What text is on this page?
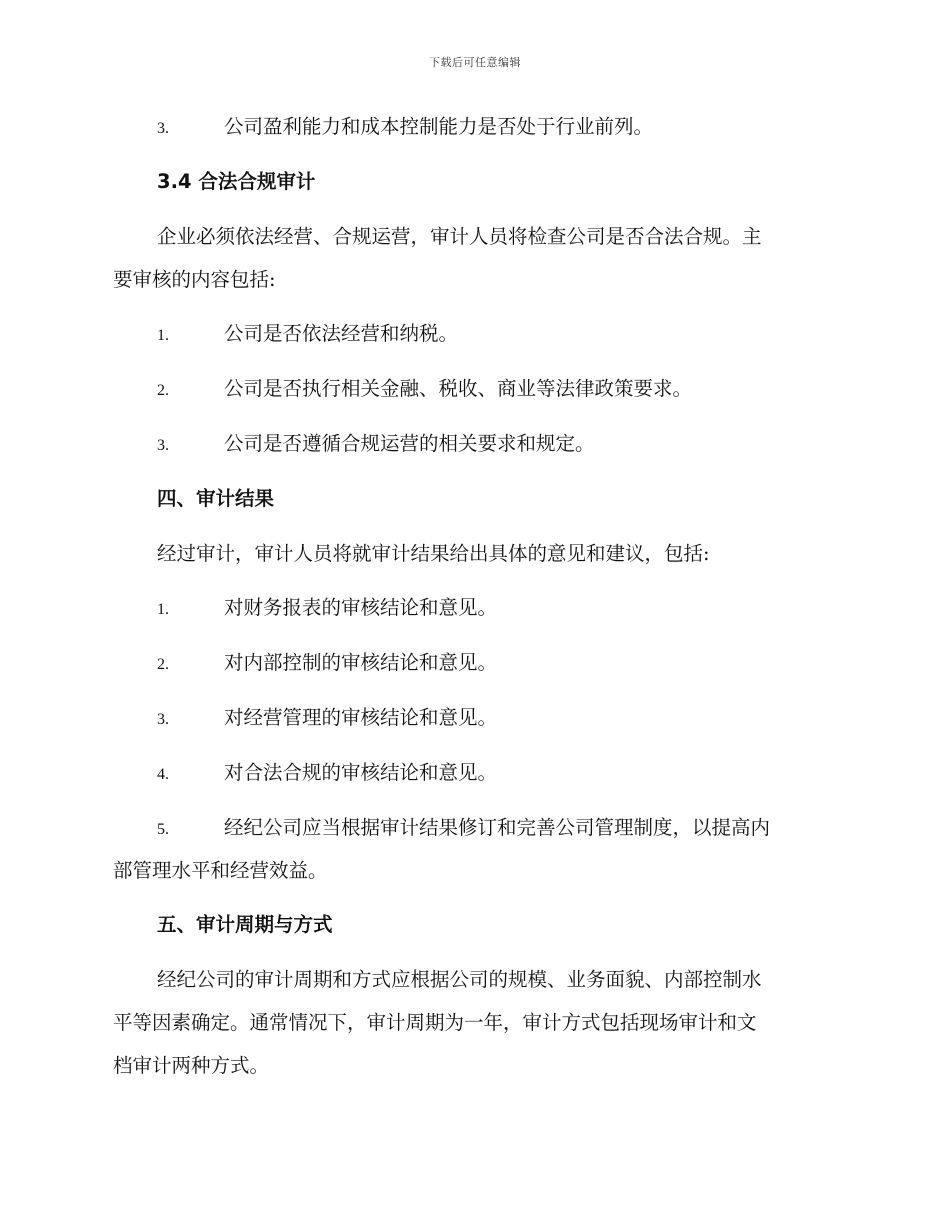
下载后可任意编辑
3.	公司盈利能力和成本控制能力是否处于行业前列。
3.4 合法合规审计
企业必须依法经营、合规运营，审计人员将检查公司是否合法合规。主
要审核的内容包括:
1.	公司是否依法经营和纳税。
2.	公司是否执行相关金融、税收、商业等法律政策要求。
3.	公司是否遵循合规运营的相关要求和规定。
四、审计结果
经过审计，审计人员将就审计结果给出具体的意见和建议，包括:
1.	对财务报表的审核结论和意见。
2.	对内部控制的审核结论和意见。
3.	对经营管理的审核结论和意见。
4.	对合法合规的审核结论和意见。
5.	经纪公司应当根据审计结果修订和完善公司管理制度，以提高内
部管理水平和经营效益。
五、审计周期与方式
经纪公司的审计周期和方式应根据公司的规模、业务面貌、内部控制水
平等因素确定。通常情况下，审计周期为一年，审计方式包括现场审计和文
档审计两种方式。
